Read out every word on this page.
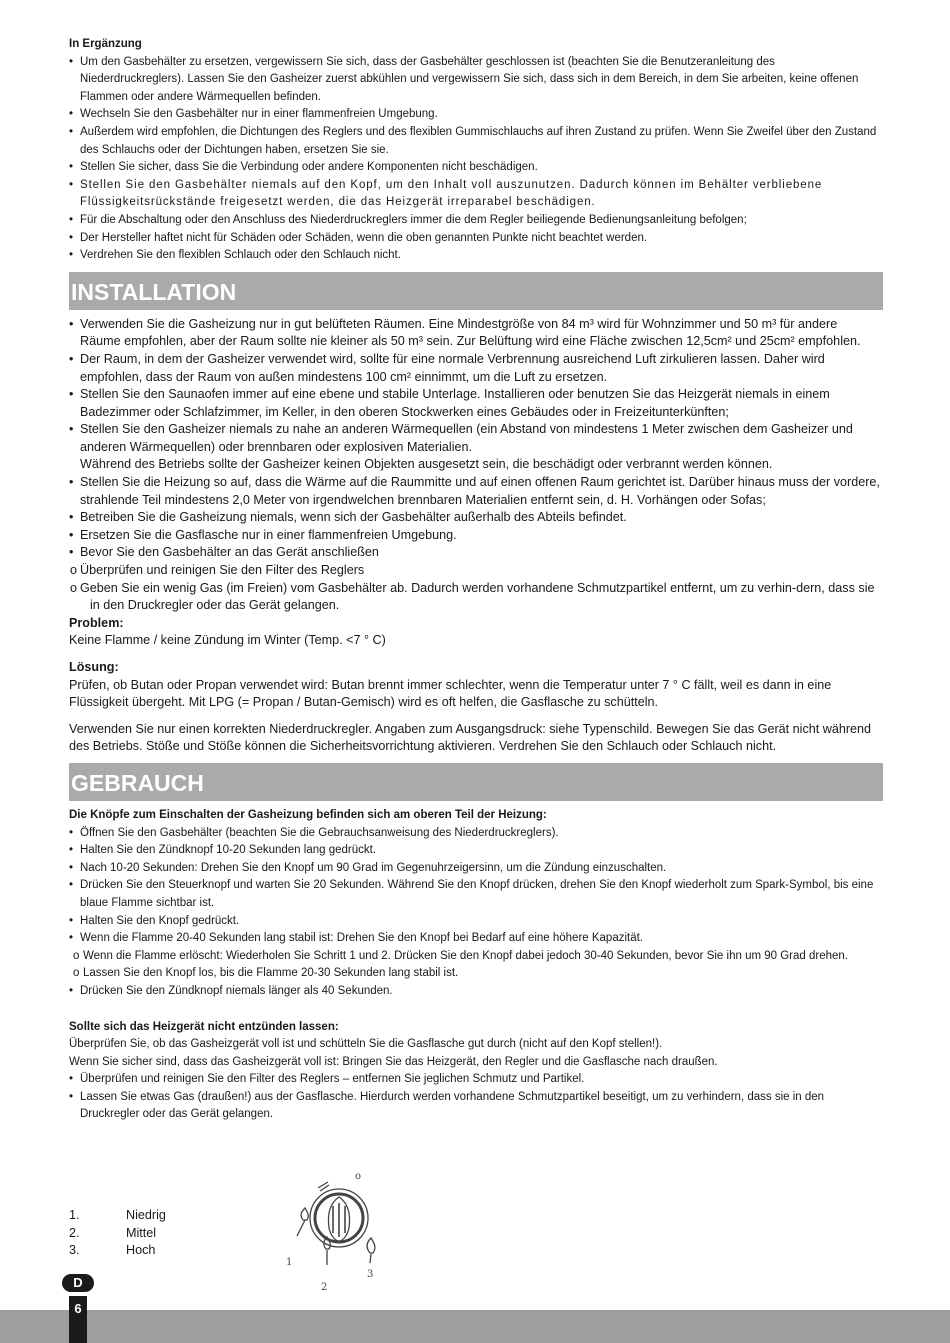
In Ergänzung
• Um den Gasbehälter zu ersetzen, vergewissern Sie sich, dass der Gasbehälter geschlossen ist (beachten Sie die Benutzeranleitung des Niederdruckreglers). Lassen Sie den Gasheizer zuerst abkühlen und vergewissern Sie sich, dass sich in dem Bereich, in dem Sie arbeiten, keine offenen Flammen oder andere Wärmequellen befinden.
• Wechseln Sie den Gasbehälter nur in einer flammenfreien Umgebung.
• Außerdem wird empfohlen, die Dichtungen des Reglers und des flexiblen Gummischlauchs auf ihren Zustand zu prüfen. Wenn Sie Zweifel über den Zustand des Schlauchs oder der Dichtungen haben, ersetzen Sie sie.
• Stellen Sie sicher, dass Sie die Verbindung oder andere Komponenten nicht beschädigen.
• Stellen Sie den Gasbehälter niemals auf den Kopf, um den Inhalt voll auszunutzen. Dadurch können im Behälter verbliebene Flüssigkeitsrückstände freigesetzt werden, die das Heizgerät irreparabel beschädigen.
• Für die Abschaltung oder den Anschluss des Niederdruckreglers immer die dem Regler beiliegende Bedienungsanleitung befolgen;
• Der Hersteller haftet nicht für Schäden oder Schäden, wenn die oben genannten Punkte nicht beachtet werden.
• Verdrehen Sie den flexiblen Schlauch oder den Schlauch nicht.
INSTALLATION
• Verwenden Sie die Gasheizung nur in gut belüfteten Räumen. Eine Mindestgröße von 84 m³ wird für Wohnzimmer und 50 m³ für andere Räume empfohlen, aber der Raum sollte nie kleiner als 50 m³ sein. Zur Belüftung wird eine Fläche zwischen 12,5cm² und 25cm² empfohlen.
• Der Raum, in dem der Gasheizer verwendet wird, sollte für eine normale Verbrennung ausreichend Luft zirkulieren lassen. Daher wird empfohlen, dass der Raum von außen mindestens 100 cm² einnimmt, um die Luft zu ersetzen.
• Stellen Sie den Saunaofen immer auf eine ebene und stabile Unterlage. Installieren oder benutzen Sie das Heizgerät niemals in einem Badezimmer oder Schlafzimmer, im Keller, in den oberen Stockwerken eines Gebäudes oder in Freizeitunterkünften;
• Stellen Sie den Gasheizer niemals zu nahe an anderen Wärmequellen (ein Abstand von mindestens 1 Meter zwischen dem Gasheizer und anderen Wärmequellen) oder brennbaren oder explosiven Materialien.
Während des Betriebs sollte der Gasheizer keinen Objekten ausgesetzt sein, die beschädigt oder verbrannt werden können.
• Stellen Sie die Heizung so auf, dass die Wärme auf die Raummitte und auf einen offenen Raum gerichtet ist. Darüber hinaus muss der vordere, strahlende Teil mindestens 2,0 Meter von irgendwelchen brennbaren Materialien entfernt sein, d. H. Vorhängen oder Sofas;
• Betreiben Sie die Gasheizung niemals, wenn sich der Gasbehälter außerhalb des Abteils befindet.
• Ersetzen Sie die Gasflasche nur in einer flammenfreien Umgebung.
• Bevor Sie den Gasbehälter an das Gerät anschließen
o Überprüfen und reinigen Sie den Filter des Reglers
o Geben Sie ein wenig Gas (im Freien) vom Gasbehälter ab. Dadurch werden vorhandene Schmutzpartikel entfernt, um zu verhin-dern, dass sie in den Druckregler oder das Gerät gelangen.
Problem:
Keine Flamme / keine Zündung im Winter (Temp. <7 ° C)
Lösung:
Prüfen, ob Butan oder Propan verwendet wird: Butan brennt immer schlechter, wenn die Temperatur unter 7 ° C fällt, weil es dann in eine Flüssigkeit übergeht. Mit LPG (= Propan / Butan-Gemisch) wird es oft helfen, die Gasflasche zu schütteln.
Verwenden Sie nur einen korrekten Niederdruckregler. Angaben zum Ausgangsdruck: siehe Typenschild. Bewegen Sie das Gerät nicht während des Betriebs. Stöße und Stöße können die Sicherheitsvorrichtung aktivieren. Verdrehen Sie den Schlauch oder Schlauch nicht.
GEBRAUCH
Die Knöpfe zum Einschalten der Gasheizung befinden sich am oberen Teil der Heizung:
• Öffnen Sie den Gasbehälter (beachten Sie die Gebrauchsanweisung des Niederdruckreglers).
• Halten Sie den Zündknopf 10-20 Sekunden lang gedrückt.
• Nach 10-20 Sekunden: Drehen Sie den Knopf um 90 Grad im Gegenuhrzeigersinn, um die Zündung einzuschalten.
• Drücken Sie den Steuerknopf und warten Sie 20 Sekunden. Während Sie den Knopf drücken, drehen Sie den Knopf wiederholt zum Spark-Symbol, bis eine blaue Flamme sichtbar ist.
• Halten Sie den Knopf gedrückt.
• Wenn die Flamme 20-40 Sekunden lang stabil ist: Drehen Sie den Knopf bei Bedarf auf eine höhere Kapazität.
o Wenn die Flamme erlöscht: Wiederholen Sie Schritt 1 und 2. Drücken Sie den Knopf dabei jedoch 30-40 Sekunden, bevor Sie ihn um 90 Grad drehen.
o Lassen Sie den Knopf los, bis die Flamme 20-30 Sekunden lang stabil ist.
• Drücken Sie den Zündknopf niemals länger als 40 Sekunden.
Sollte sich das Heizgerät nicht entzünden lassen:
Überprüfen Sie, ob das Gasheizgerät voll ist und schütteln Sie die Gasflasche gut durch (nicht auf den Kopf stellen!).
Wenn Sie sicher sind, dass das Gasheizgerät voll ist: Bringen Sie das Heizgerät, den Regler und die Gasflasche nach draußen.
• Überprüfen und reinigen Sie den Filter des Reglers – entfernen Sie jeglichen Schmutz und Partikel.
• Lassen Sie etwas Gas (draußen!) aus der Gasflasche. Hierdurch werden vorhandene Schmutzpartikel beseitigt, um zu verhindern, dass sie in den Druckregler oder das Gerät gelangen.
1.	Niedrig
2.	Mittel
3.	Hoch
o
1
2
3
D
6
